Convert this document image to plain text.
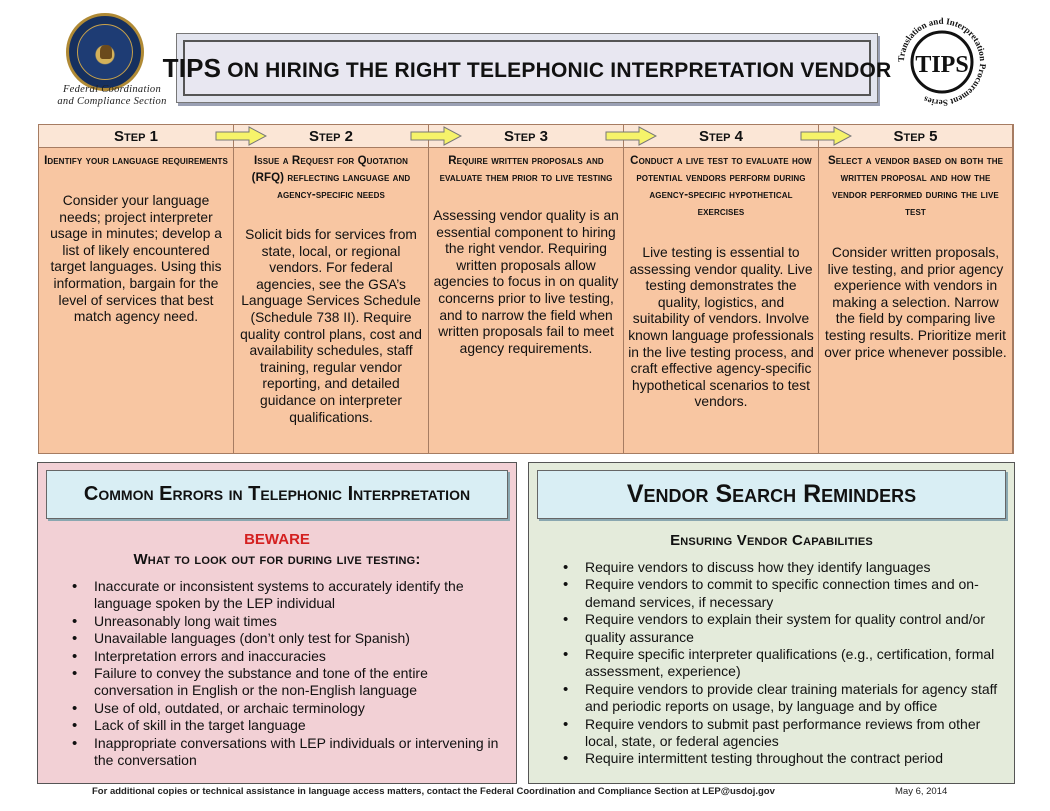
Federal Coordination
and Compliance Section
TIPS ON HIRING THE RIGHT TELEPHONIC INTERPRETATION VENDOR Translation and Interpretation Procurement Series
TIPS
Step 1
Identify your language requirements
Consider your language needs; project interpreter usage in minutes; develop a list of likely encountered target languages. Using this information, bargain for the level of services that best match agency need.
Step 2
Issue a Request for Quotation (RFQ) reflecting language and agency-specific needs
Solicit bids for services from state, local, or regional vendors. For federal agencies, see the GSA’s Language Services Schedule (Schedule 738 II). Require quality control plans, cost and availability schedules, staff training, regular vendor reporting, and detailed guidance on interpreter qualifications.
Step 3
Require written proposals and evaluate them prior to live testing
Assessing vendor quality is an essential component to hiring the right vendor. Requiring written proposals allow agencies to focus in on quality concerns prior to live testing, and to narrow the field when written proposals fail to meet agency requirements.
Step 4
Conduct a live test to evaluate how potential vendors perform during agency-specific hypothetical exercises
Live testing is essential to assessing vendor quality. Live testing demonstrates the quality, logistics, and suitability of vendors. Involve known language professionals in the live testing process, and craft effective agency-specific hypothetical scenarios to test vendors.
Step 5
Select a vendor based on both the written proposal and how the vendor performed during the live test
Consider written proposals, live testing, and prior agency experience with vendors in making a selection. Narrow the field by comparing live testing results. Prioritize merit over price whenever possible.
Common Errors in Telephonic Interpretation
BEWARE
What to look out for during live testing:
• Inaccurate or inconsistent systems to accurately identify the language spoken by the LEP individual
• Unreasonably long wait times
• Unavailable languages (don’t only test for Spanish)
• Interpretation errors and inaccuracies
• Failure to convey the substance and tone of the entire conversation in English or the non-English language
• Use of old, outdated, or archaic terminology
• Lack of skill in the target language
• Inappropriate conversations with LEP individuals or intervening in the conversation
Vendor Search Reminders
Ensuring Vendor Capabilities
• Require vendors to discuss how they identify languages
• Require vendors to commit to specific connection times and on-demand services, if necessary
• Require vendors to explain their system for quality control and/or quality assurance
• Require specific interpreter qualifications (e.g., certification, formal assessment, experience)
• Require vendors to provide clear training materials for agency staff and periodic reports on usage, by language and by office
• Require vendors to submit past performance reviews from other local, state, or federal agencies
• Require intermittent testing throughout the contract period
For additional copies or technical assistance in language access matters, contact the Federal Coordination and Compliance Section at LEP@usdoj.gov	May 6, 2014
